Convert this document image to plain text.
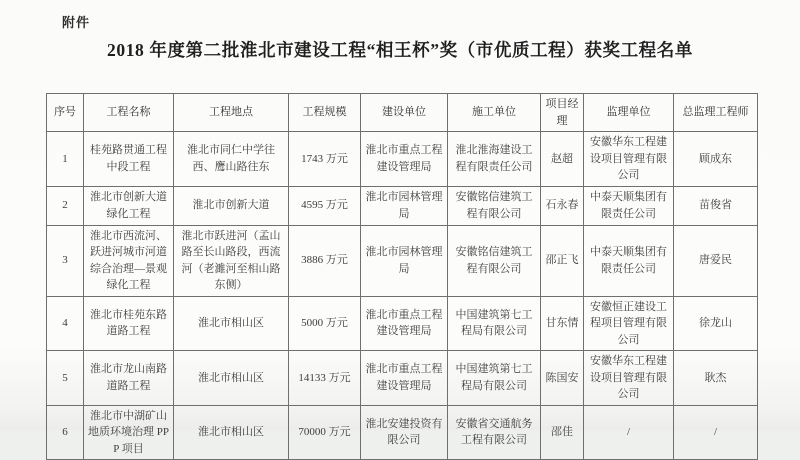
附件
2018 年度第二批淮北市建设工程“相王杯”奖（市优质工程）获奖工程名单
序号	工程名称	工程地点	工程规模	建设单位	施工单位	项目经理	监理单位	总监理工程师
1	桂苑路贯通工程中段工程	淮北市同仁中学往西、鹰山路往东	1743 万元	淮北市重点工程建设管理局	淮北淮海建设工程有限责任公司	赵超	安徽华东工程建设项目管理有限公司	顾成东
2	淮北市创新大道绿化工程	淮北市创新大道	4595 万元	淮北市园林管理局	安徽铭信建筑工程有限公司	石永春	中泰天顺集团有限责任公司	苗俊省
3	淮北市西流河、跃进河城市河道综合治理—景观绿化工程	淮北市跃进河（孟山路至长山路段，西流河（老濉河至相山路东侧）	3886 万元	淮北市园林管理局	安徽铭信建筑工程有限公司	邵正飞	中泰天顺集团有限责任公司	唐爱民
4	淮北市桂苑东路道路工程	淮北市相山区	5000 万元	淮北市重点工程建设管理局	中国建筑第七工程局有限公司	甘东情	安徽恒正建设工程项目管理有限公司	徐龙山
5	淮北市龙山南路道路工程	淮北市相山区	14133 万元	淮北市重点工程建设管理局	中国建筑第七工程局有限公司	陈国安	安徽华东工程建设项目管理有限公司	耿杰
6	淮北市中湖矿山地质环境治理 PPP 项目	淮北市相山区	70000 万元	淮北安建投资有限公司	安徽省交通航务工程有限公司	邵佳	/	/
